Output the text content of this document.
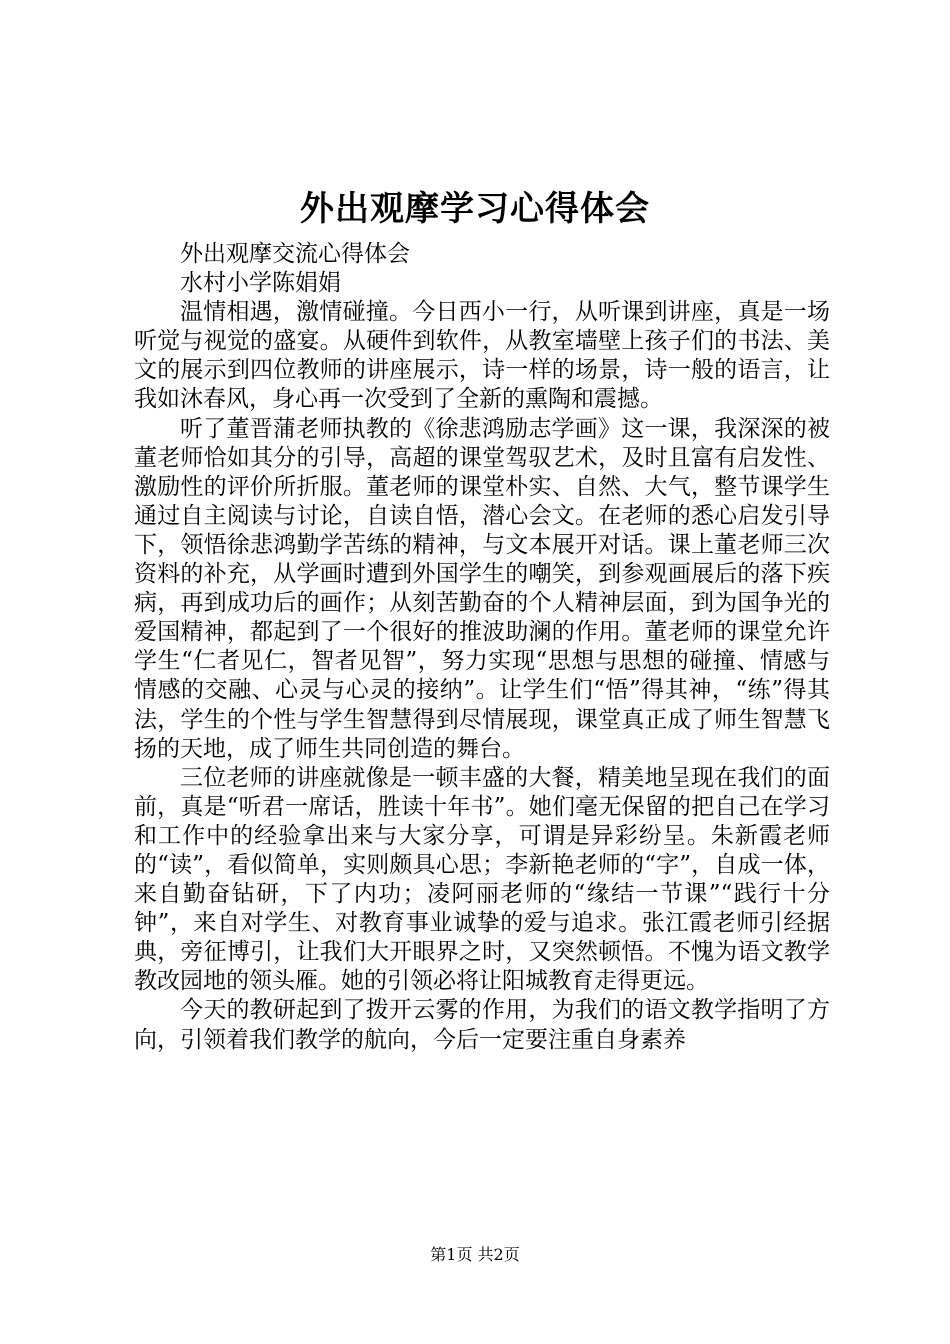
外出观摩学习心得体会

外出观摩交流心得体会

水村小学陈娟娟

温情相遇，激情碰撞。今日西小一行，从听课到讲座，真是一场听觉与视觉的盛宴。从硬件到软件，从教室墙壁上孩子们的书法、美文的展示到四位教师的讲座展示，诗一样的场景，诗一般的语言，让我如沐春风，身心再一次受到了全新的熏陶和震撼。

听了董晋蒲老师执教的《徐悲鸿励志学画》这一课，我深深的被董老师恰如其分的引导，高超的课堂驾驭艺术，及时且富有启发性、激励性的评价所折服。董老师的课堂朴实、自然、大气，整节课学生通过自主阅读与讨论，自读自悟，潜心会文。在老师的悉心启发引导下，领悟徐悲鸿勤学苦练的精神，与文本展开对话。课上董老师三次资料的补充，从学画时遭到外国学生的嘲笑，到参观画展后的落下疾病，再到成功后的画作；从刻苦勤奋的个人精神层面，到为国争光的爱国精神，都起到了一个很好的推波助澜的作用。董老师的课堂允许学生“仁者见仁，智者见智”，努力实现“思想与思想的碰撞、情感与情感的交融、心灵与心灵的接纳”。让学生们“悟”得其神，“练”得其法，学生的个性与学生智慧得到尽情展现，课堂真正成了师生智慧飞扬的天地，成了师生共同创造的舞台。

三位老师的讲座就像是一顿丰盛的大餐，精美地呈现在我们的面前，真是“听君一席话，胜读十年书”。她们毫无保留的把自己在学习和工作中的经验拿出来与大家分享，可谓是异彩纷呈。朱新霞老师的“读”，看似简单，实则颇具心思；李新艳老师的“字”，自成一体，来自勤奋钻研，下了内功；凌阿丽老师的“缘结一节课”“践行十分钟”，来自对学生、对教育事业诚挚的爱与追求。张江霞老师引经据典，旁征博引，让我们大开眼界之时，又突然顿悟。不愧为语文教学教改园地的领头雁。她的引领必将让阳城教育走得更远。

今天的教研起到了拨开云雾的作用，为我们的语文教学指明了方向，引领着我们教学的航向，今后一定要注重自身素养

第1页 共2页
